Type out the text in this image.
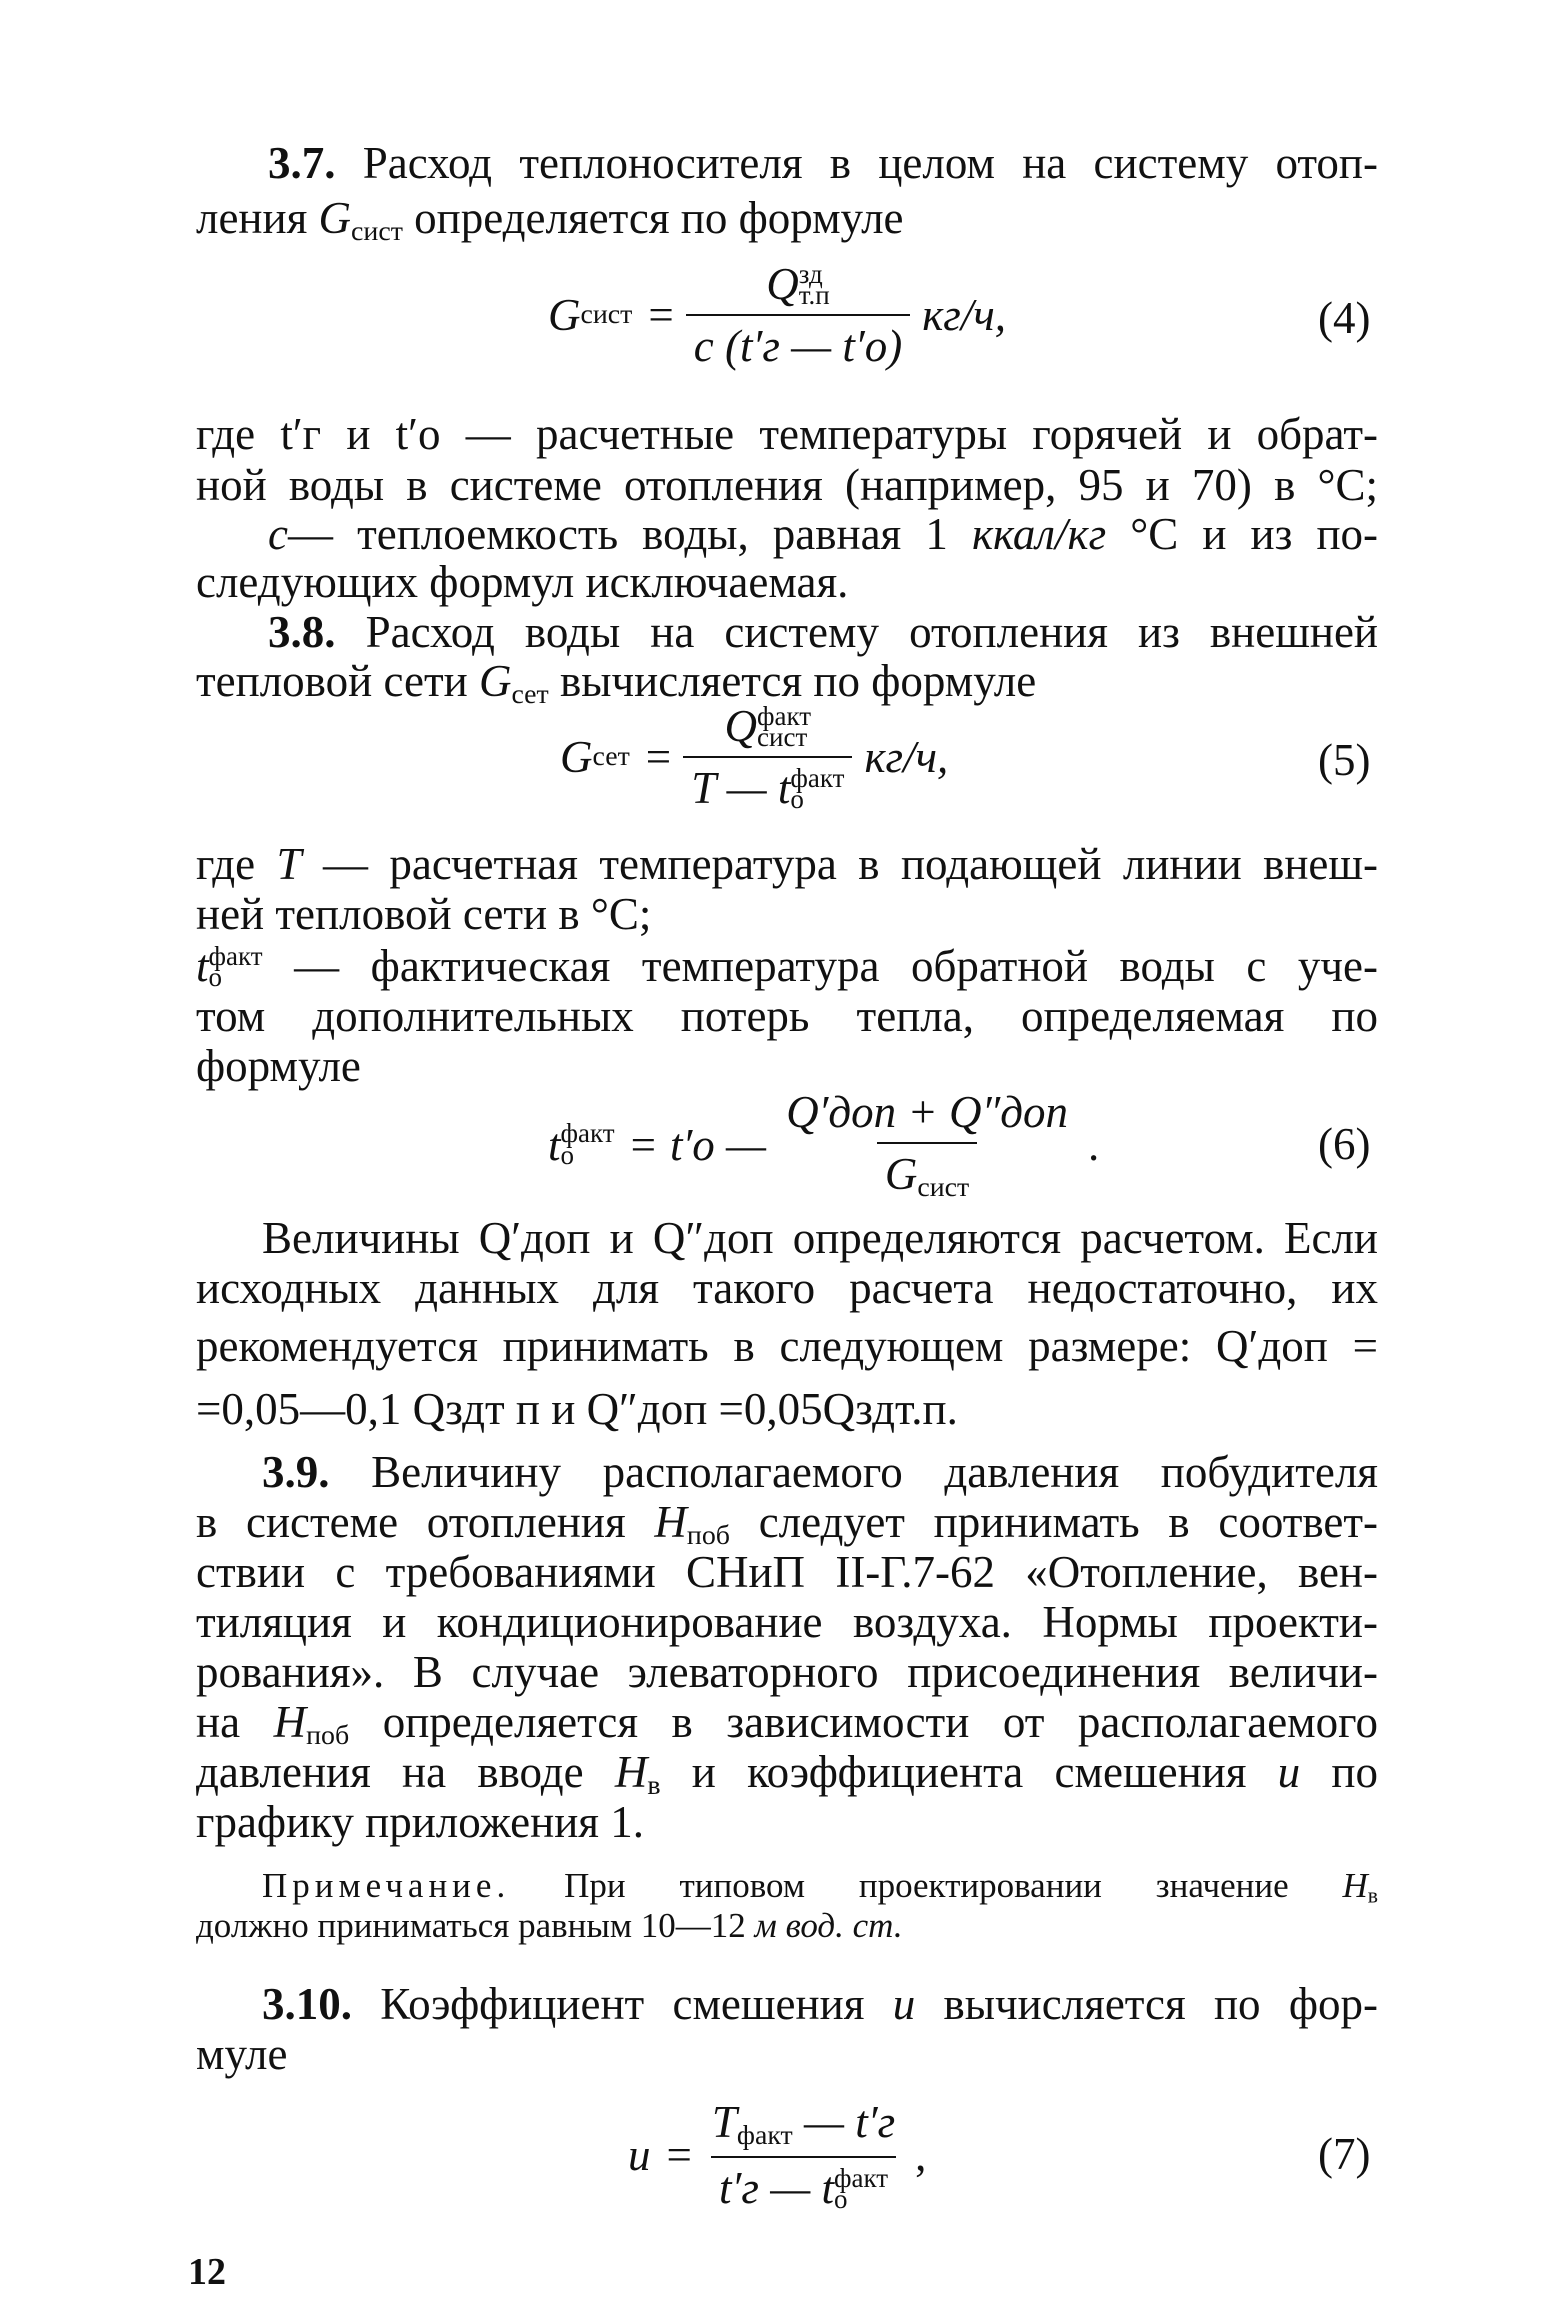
3.7. Расход теплоносителя в целом на систему отоп-

ления $G_{сист}$ определяется по формуле

G сист = Q зд
т.п
c (t′г — t′о) кг/ч,	(4)

где t′г и t′о — расчетные температуры горячей и обрат-

ной воды в системе отопления (например, 95 и 70) в °С;

c— теплоемкость воды, равная 1 ккал/кг °С и из по-

следующих формул исключаемая.

3.8. Расход воды на систему отопления из внешней

тепловой сети $G_{сет}$ вычисляется по формуле

G сет = Q факт
сист
T — t факт
о кг/ч,	(5)

где T — расчетная температура в подающей линии внеш-

ней тепловой сети в °С;

t факт
о	— фактическая температура обратной воды с уче-

том дополнительных потерь тепла, определяемая по

формуле

t факт
о	= t′о — $\frac{\text{Q′доп + Q″доп}}{G_{сист}}$ .	(6)

Величины Q′доп и Q″доп определяются расчетом. Если

исходных данных для такого расчета недостаточно, их

рекомендуется принимать в следующем размере: Q′доп =

=0,05—0,1 Qздт п и Q″доп =0,05Qздт.п.

3.9. Величину располагаемого давления побудителя

в системе отопления $H_{поб}$ следует принимать в соответ-

ствии с требованиями СНиП II-Г.7-62 «Отопление, вен-

тиляция и кондиционирование воздуха. Нормы проекти-

рования». В случае элеваторного присоединения величи-

на $H_{поб}$ определяется в зависимости от располагаемого

давления на вводе $H_в$ и коэффициента смешения u по

графику приложения 1.

Примечание. При типовом проектировании значение $H_в$

должно приниматься равным 10—12 м вод. ст.

3.10. Коэффициент смешения u вычисляется по фор-

муле

$u = T_{факт}$ — t′г
t′г — t факт
о ,	(7)
12
